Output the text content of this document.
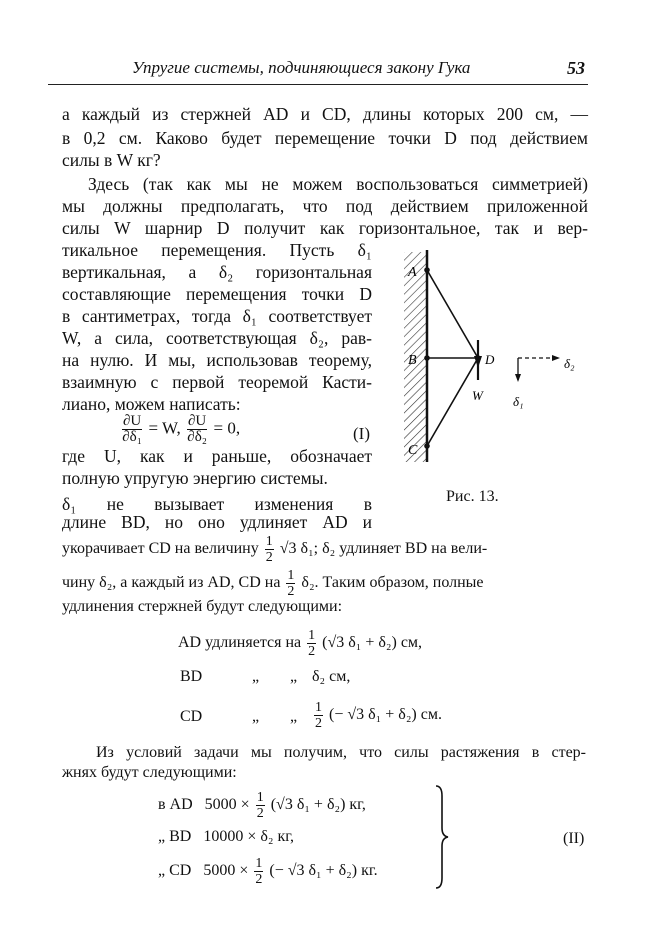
Упругие системы, подчиняющиеся закону Гука	53
а каждый из стержней AD и CD, длины которых 200 см, —
в 0,2 см. Каково будет перемещение точки D под действием
силы в W кг?
Здесь (так как мы не можем воспользоваться симметрией)
мы должны предполагать, что под действием приложенной
силы W шарнир D получит как горизонтальное, так и вер-
тикальное перемещения. Пусть δ₁
вертикальная, а δ₂ горизонтальная
составляющие перемещения точки D
в сантиметрах, тогда δ₁ соответствует
W, а сила, соответствующая δ₂, рав-
на нулю. И мы, использовав теорему,
взаимную с первой теоремой Касти-
лиано, можем написать:
$\frac{\partial U}{\text{∂δ₁}} = W$, $\frac{\partial U}{\text{∂δ₂}} = 0$,	(I)
где U, как и раньше, обозначает
полную упругую энергию системы.
δ₁ не вызывает изменения в
длине BD, но оно удлиняет AD и
укорачивает CD на величину $\frac{1}{2} √3$ δ₁; δ₂ удлиняет BD на вели-
чину δ₂, а каждый из AD, CD на $\frac{1}{2} \delta_2$. Таким образом, полные
удлинения стержней будут следующими:
AD удлиняется на $\frac{1}{2} (√3$ δ₁ + δ₂) см,
BD	„ „ δ₂ см,
CD	„ „ $\frac{1}{2}$ (− √3 δ₁ + δ₂) см.
Из условий задачи мы получим, что силы растяжения в стер-
жнях будут следующими:
в AD $5000 \times \frac{1}{2} (√3$ δ₁ + δ₂) кг,
„ BD 10000 × δ₂ кг,
„ CD $5000 \times \frac{1}{2}$ (− √3 δ₁ + δ₂) кг.
(II)
A
B
C
D
W
δ₂
δ₁
Рис. 13.
